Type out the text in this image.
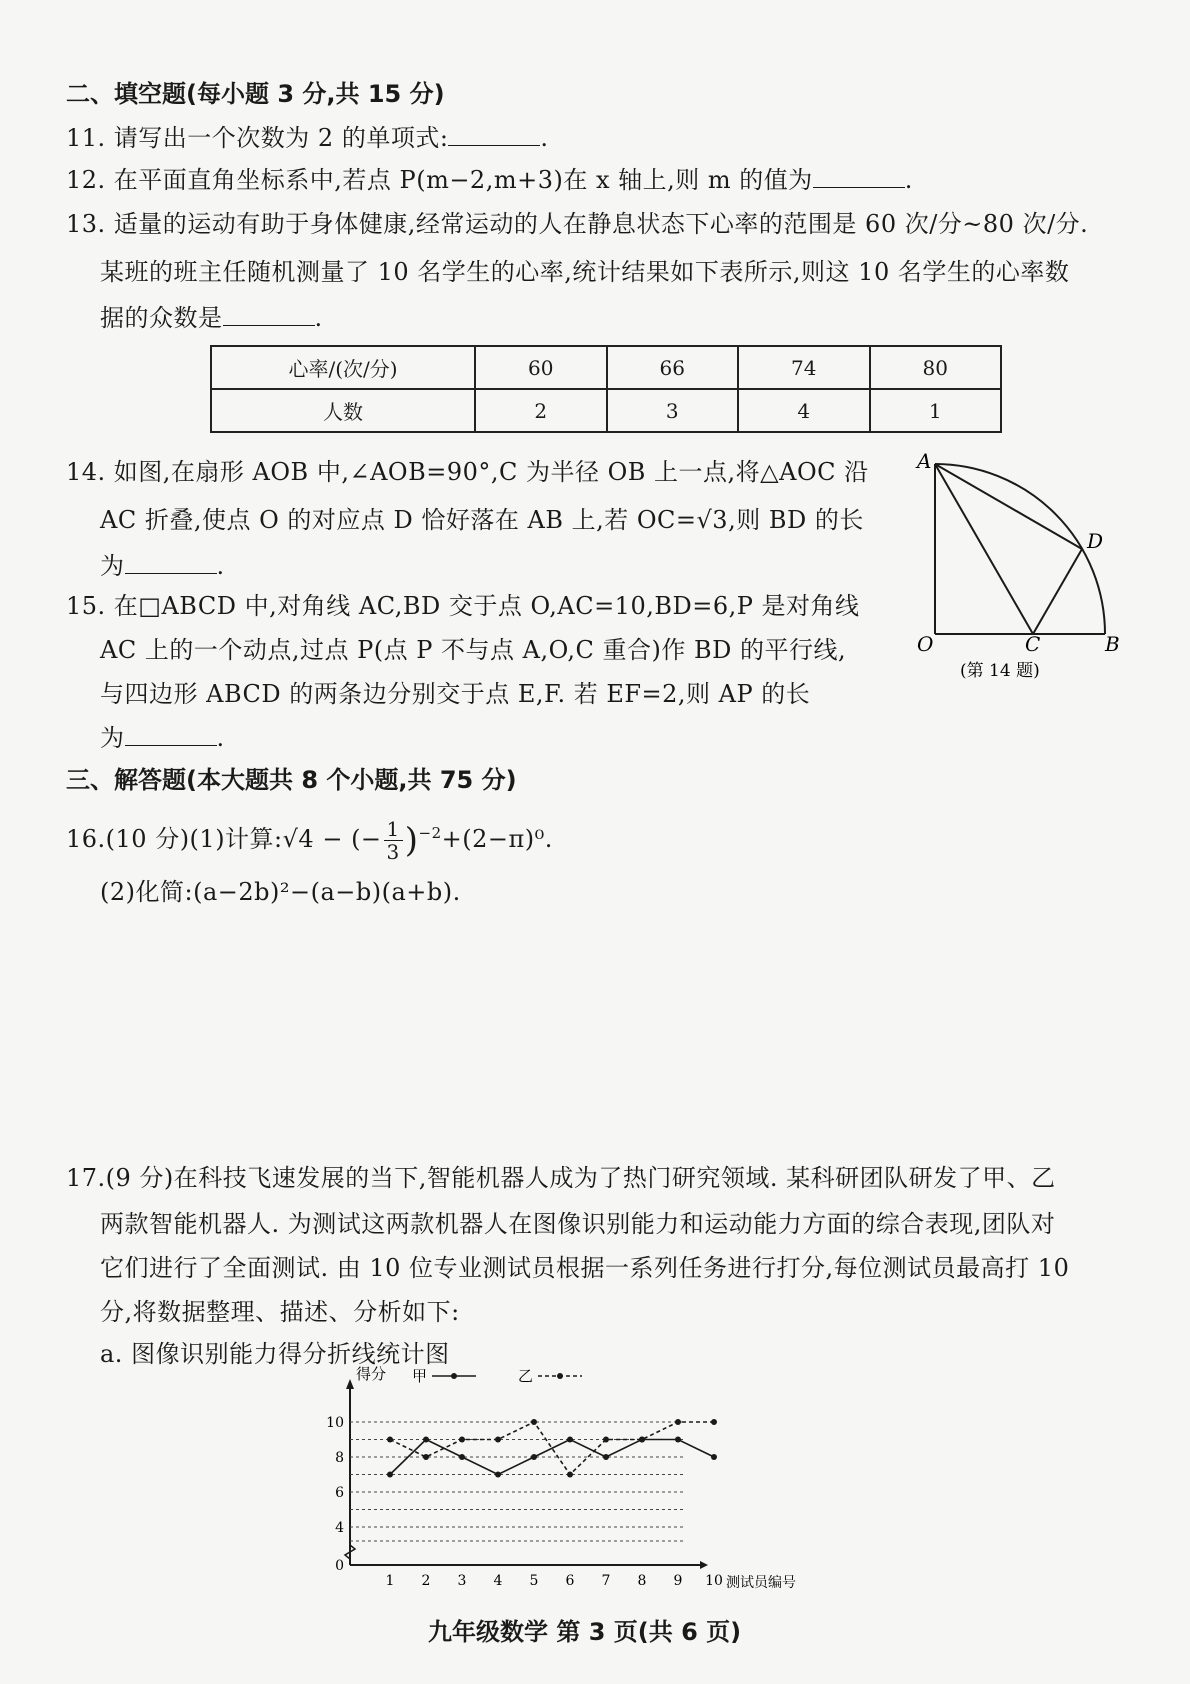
二、填空题(每小题 3 分,共 15 分)
11. 请写出一个次数为 2 的单项式:	.
12. 在平面直角坐标系中,若点 P(m−2,m+3)在 x 轴上,则 m 的值为	.
13. 适量的运动有助于身体健康,经常运动的人在静息状态下心率的范围是 60 次/分~80 次/分.
某班的班主任随机测量了 10 名学生的心率,统计结果如下表所示,则这 10 名学生的心率数
据的众数是	.
心率/(次/分)	60	66	74	80
人数	2	3	4	1
14. 如图,在扇形 AOB 中,∠AOB=90°,C 为半径 OB 上一点,将△AOC 沿
AC 折叠,使点 O 的对应点 D 恰好落在 AB 上,若 OC=√3,则 BD 的长
为	.
A
O	B
C
D
(第 14 题)
15. 在□ABCD 中,对角线 AC,BD 交于点 O,AC=10,BD=6,P 是对角线
AC 上的一个动点,过点 P(点 P 不与点 A,O,C 重合)作 BD 的平行线,
与四边形 ABCD 的两条边分别交于点 E,F. 若 EF=2,则 AP 的长
为	.
三、解答题(本大题共 8 个小题,共 75 分)
16.(10 分)(1)计算:√4 − (− $\frac{1}{3} )^{-2}+(2-\pi)^0$.
(2)化简:(a−2b)²−(a−b)(a+b).
17.(9 分)在科技飞速发展的当下,智能机器人成为了热门研究领域. 某科研团队研发了甲、乙
两款智能机器人. 为测试这两款机器人在图像识别能力和运动能力方面的综合表现,团队对
它们进行了全面测试. 由 10 位专业测试员根据一系列任务进行打分,每位测试员最高打 10
分,将数据整理、描述、分析如下:
a. 图像识别能力得分折线统计图
0
4
6
8
10
得分
1 2 3 4 5 6 7 8 9 10 测试员编号
甲	乙
九年级数学 第 3 页(共 6 页)
